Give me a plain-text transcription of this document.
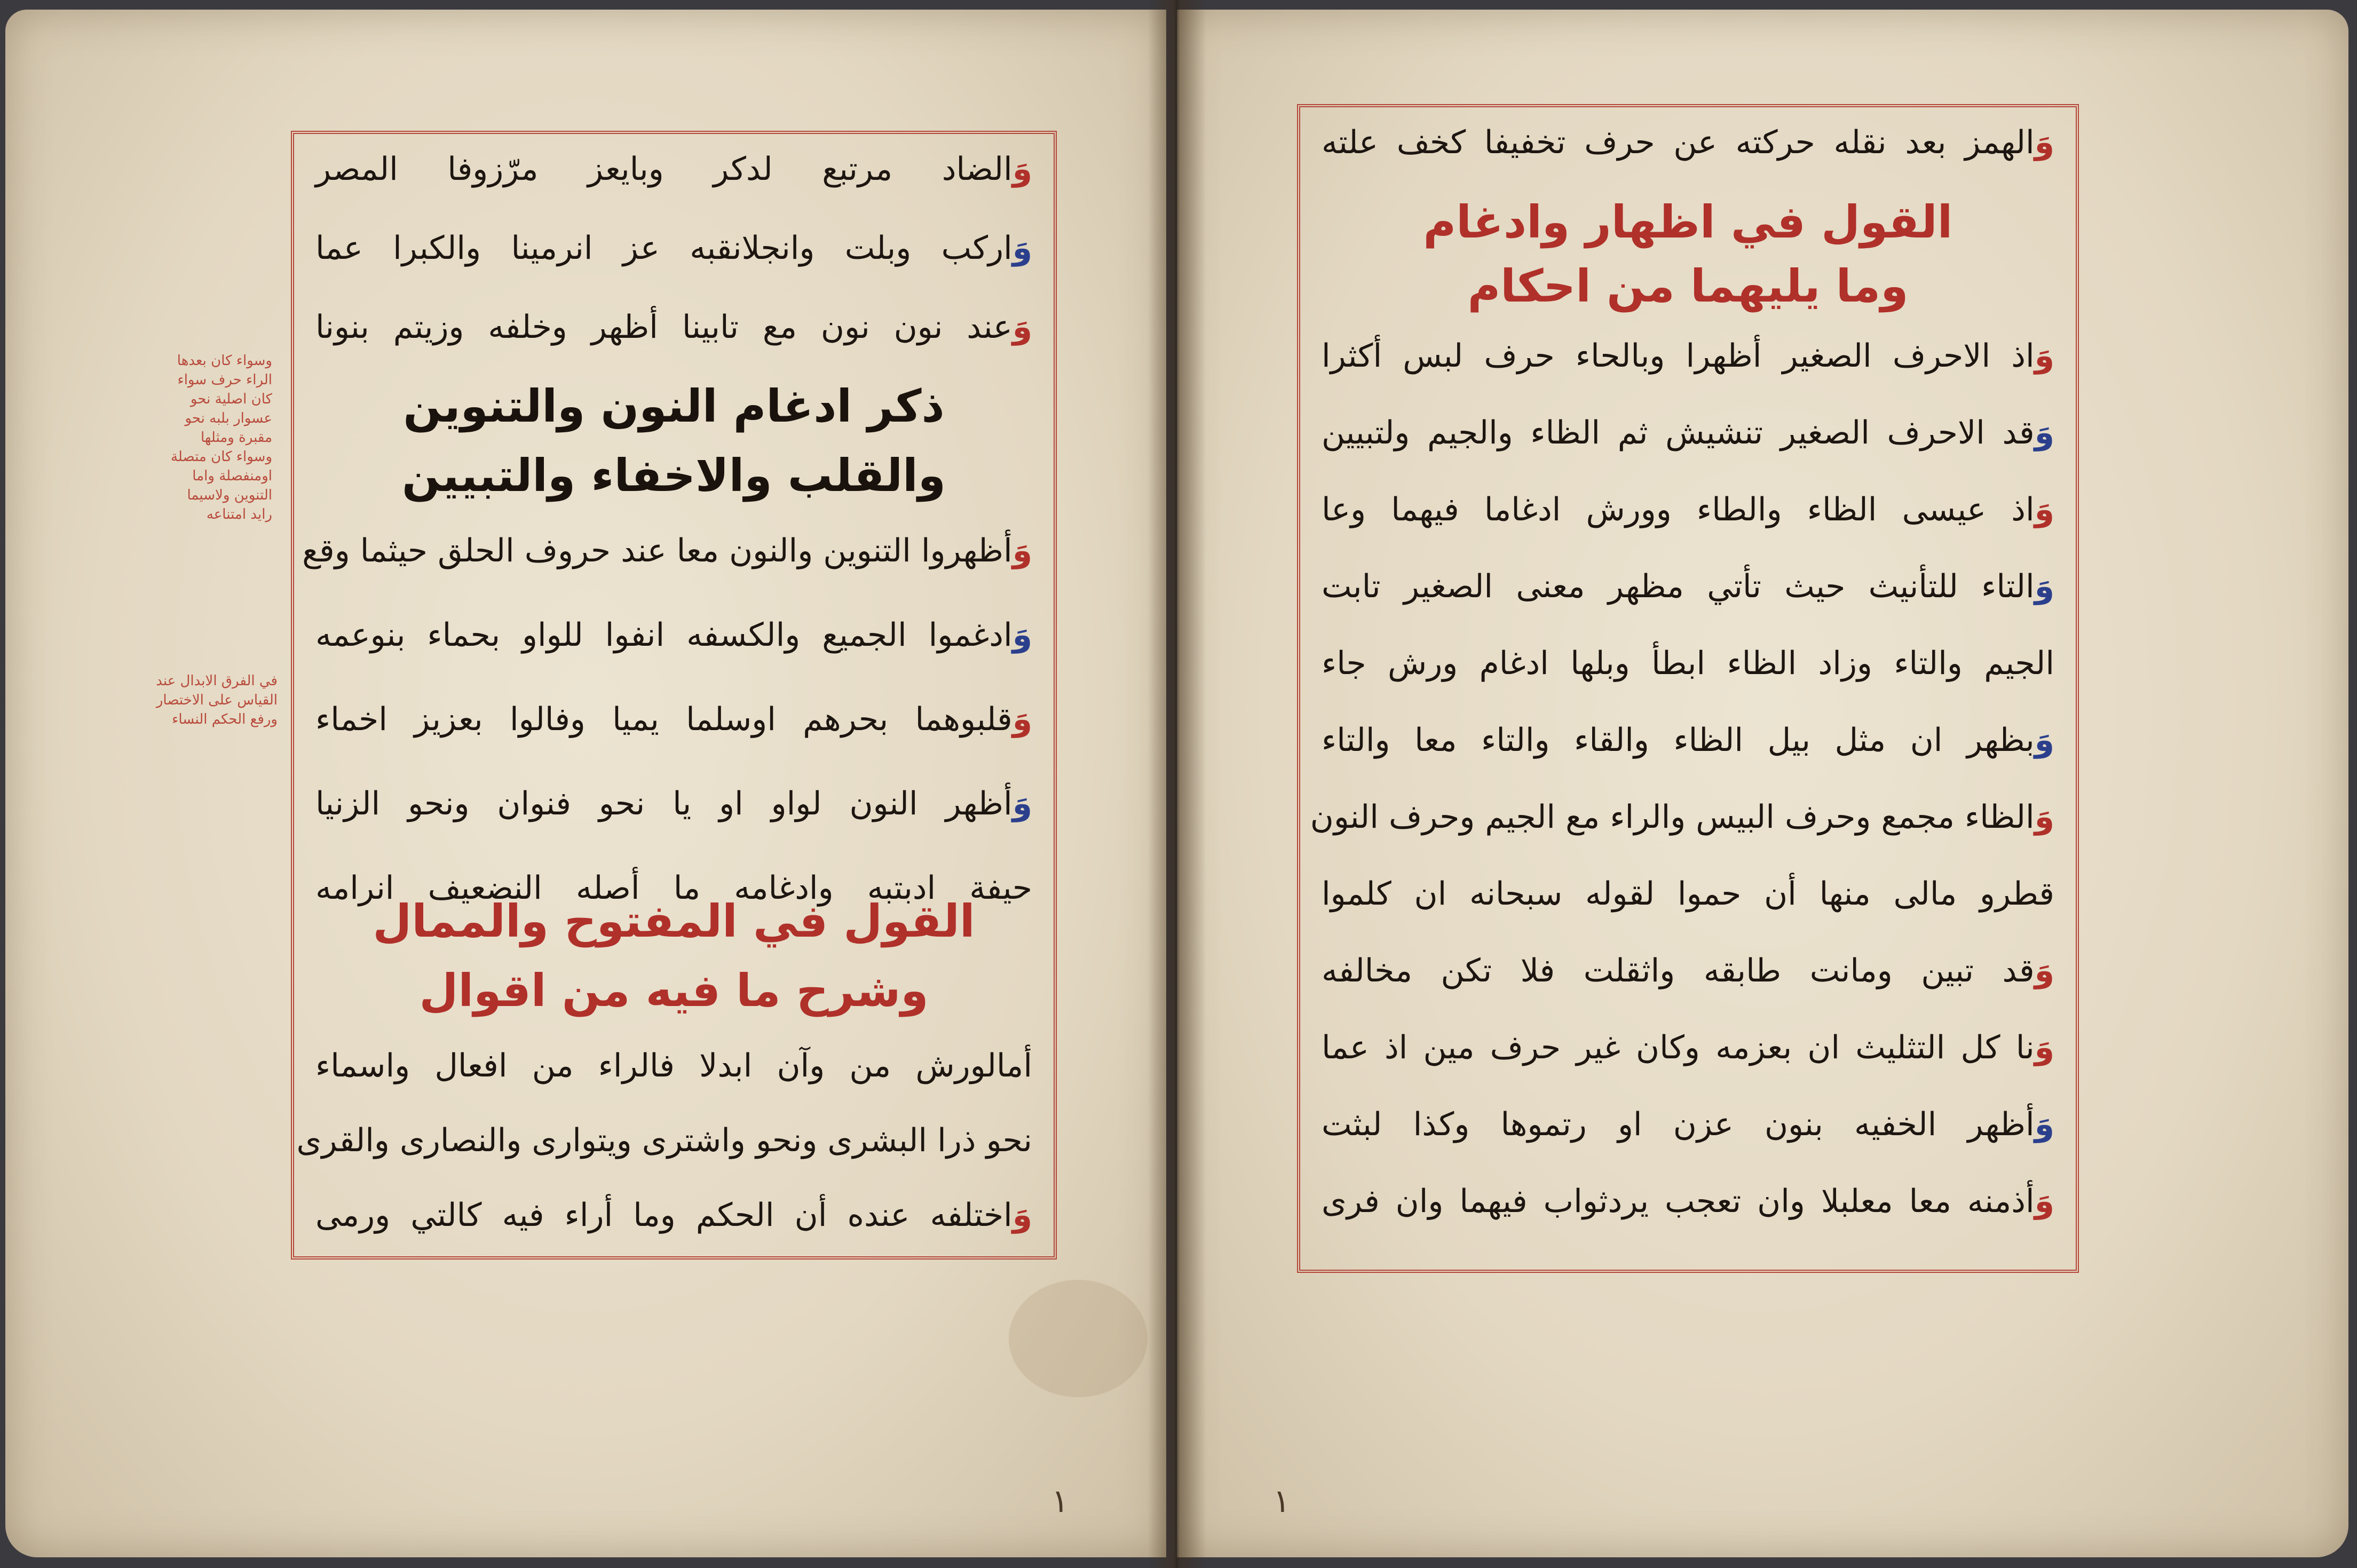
وسواء كان بعدها
الراء حرف سواء
كان اصلية نحو
عسوار بلبه نحو
مقبرة ومثلها
وسواء كان متصلة
اومنفصلة واما
التنوين ولاسيما
رايد امتناعه
في الفرق الابدال عند
القياس على الاختصار
ورفع الحكم النساء
١	١
وَال‍ضاد مرتبع لدكر وبايعز مرّزوفا المصر
وَارك‍ب وبلت وانجلانقبه عز انرمينا والكبرا عما
وَعند نون نون مع تابينا أظهر وخلفه وزيتم بنونا
ذكر ادغام النون والتنوين
والقلب والاخفاء والتبيين
وَأظهروا التنوين والنون معا عند حروف الحلق حيثما وقع
وَادغموا الجميع والكسفه انفوا للواو بحماء بنوعمه
وَقلبوهما بحرهم اوسلما يميا وفالوا بعزيز اخماء
وَأظهر النون لواو او يا نحو فنوان ونحو الزنيا
حيفة ادبتبه وادغامه ما أصله النضعيف انرامه
القول في المفتوح والممال
وشرح ما فيه من اقوال
أمالورش من وآن ابدلا فالراء من افعال واسماء
نحو ذرا البشرى ونحو واشترى ويتوارى والنصارى والقرى
وَاختلفه عنده أن الحكم وما أراء فيه كالتي ورمى
وَالهمز بعد نقله حركته عن حرف تخفيفا كخف علته
القول في اظهار وادغام
وما يليهما من احكام
وَاذ الاحرف الصغير أظهرا وبالحاء حرف لبس أكثرا
وَقد الاحرف الصغير تنشيش ثم الظاء والجيم ولتبيين
وَاذ عيسى الظاء والطاء وورش ادغاما فيهما وعا
وَالتاء للتأنيث حيث تأتي مظهر معنى الصغير تابت
الجيم والتاء وزاد الظاء ابطأ وبلها ادغام ورش جاء
وَبظهر ان مثل بيل الظاء والقاء والتاء معا والتاء
وَالظاء مجمع وحرف البيس والراء مع الجيم وحرف النون
قطرو مالى منها أن حموا لقوله سبحانه ان كلموا
وَقد تبين ومانت طابقه واثقلت فلا تكن مخالفه
وَنا كل التثليث ان بعزمه وكان غير حرف مين اذ عما
وَأظهر الخفيه بنون عزن او رتموها وكذا لبثت
وَأذمنه معا معلبلا وان تعجب يردثواب فيهما وان فرى
